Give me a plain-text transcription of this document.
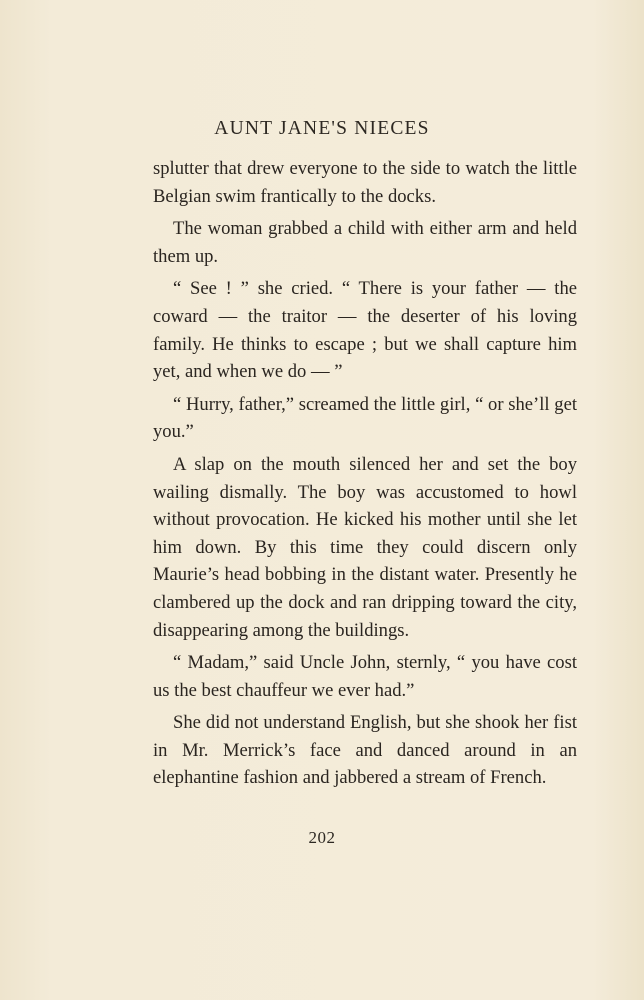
AUNT JANE'S NIECES

splutter that drew everyone to the side to watch the little Belgian swim frantically to the docks.

The woman grabbed a child with either arm and held them up.

“ See ! ” she cried. “ There is your father — the coward — the traitor — the deserter of his loving family. He thinks to escape ; but we shall capture him yet, and when we do — ”

“ Hurry, father,” screamed the little girl, “ or she’ll get you.”

A slap on the mouth silenced her and set the boy wailing dismally. The boy was accustomed to howl without provocation. He kicked his mother until she let him down. By this time they could discern only Maurie’s head bobbing in the distant water. Presently he clambered up the dock and ran dripping toward the city, disappearing among the buildings.

“ Madam,” said Uncle John, sternly, “ you have cost us the best chauffeur we ever had.”

She did not understand English, but she shook her fist in Mr. Merrick’s face and danced around in an elephantine fashion and jabbered a stream of French.

202
